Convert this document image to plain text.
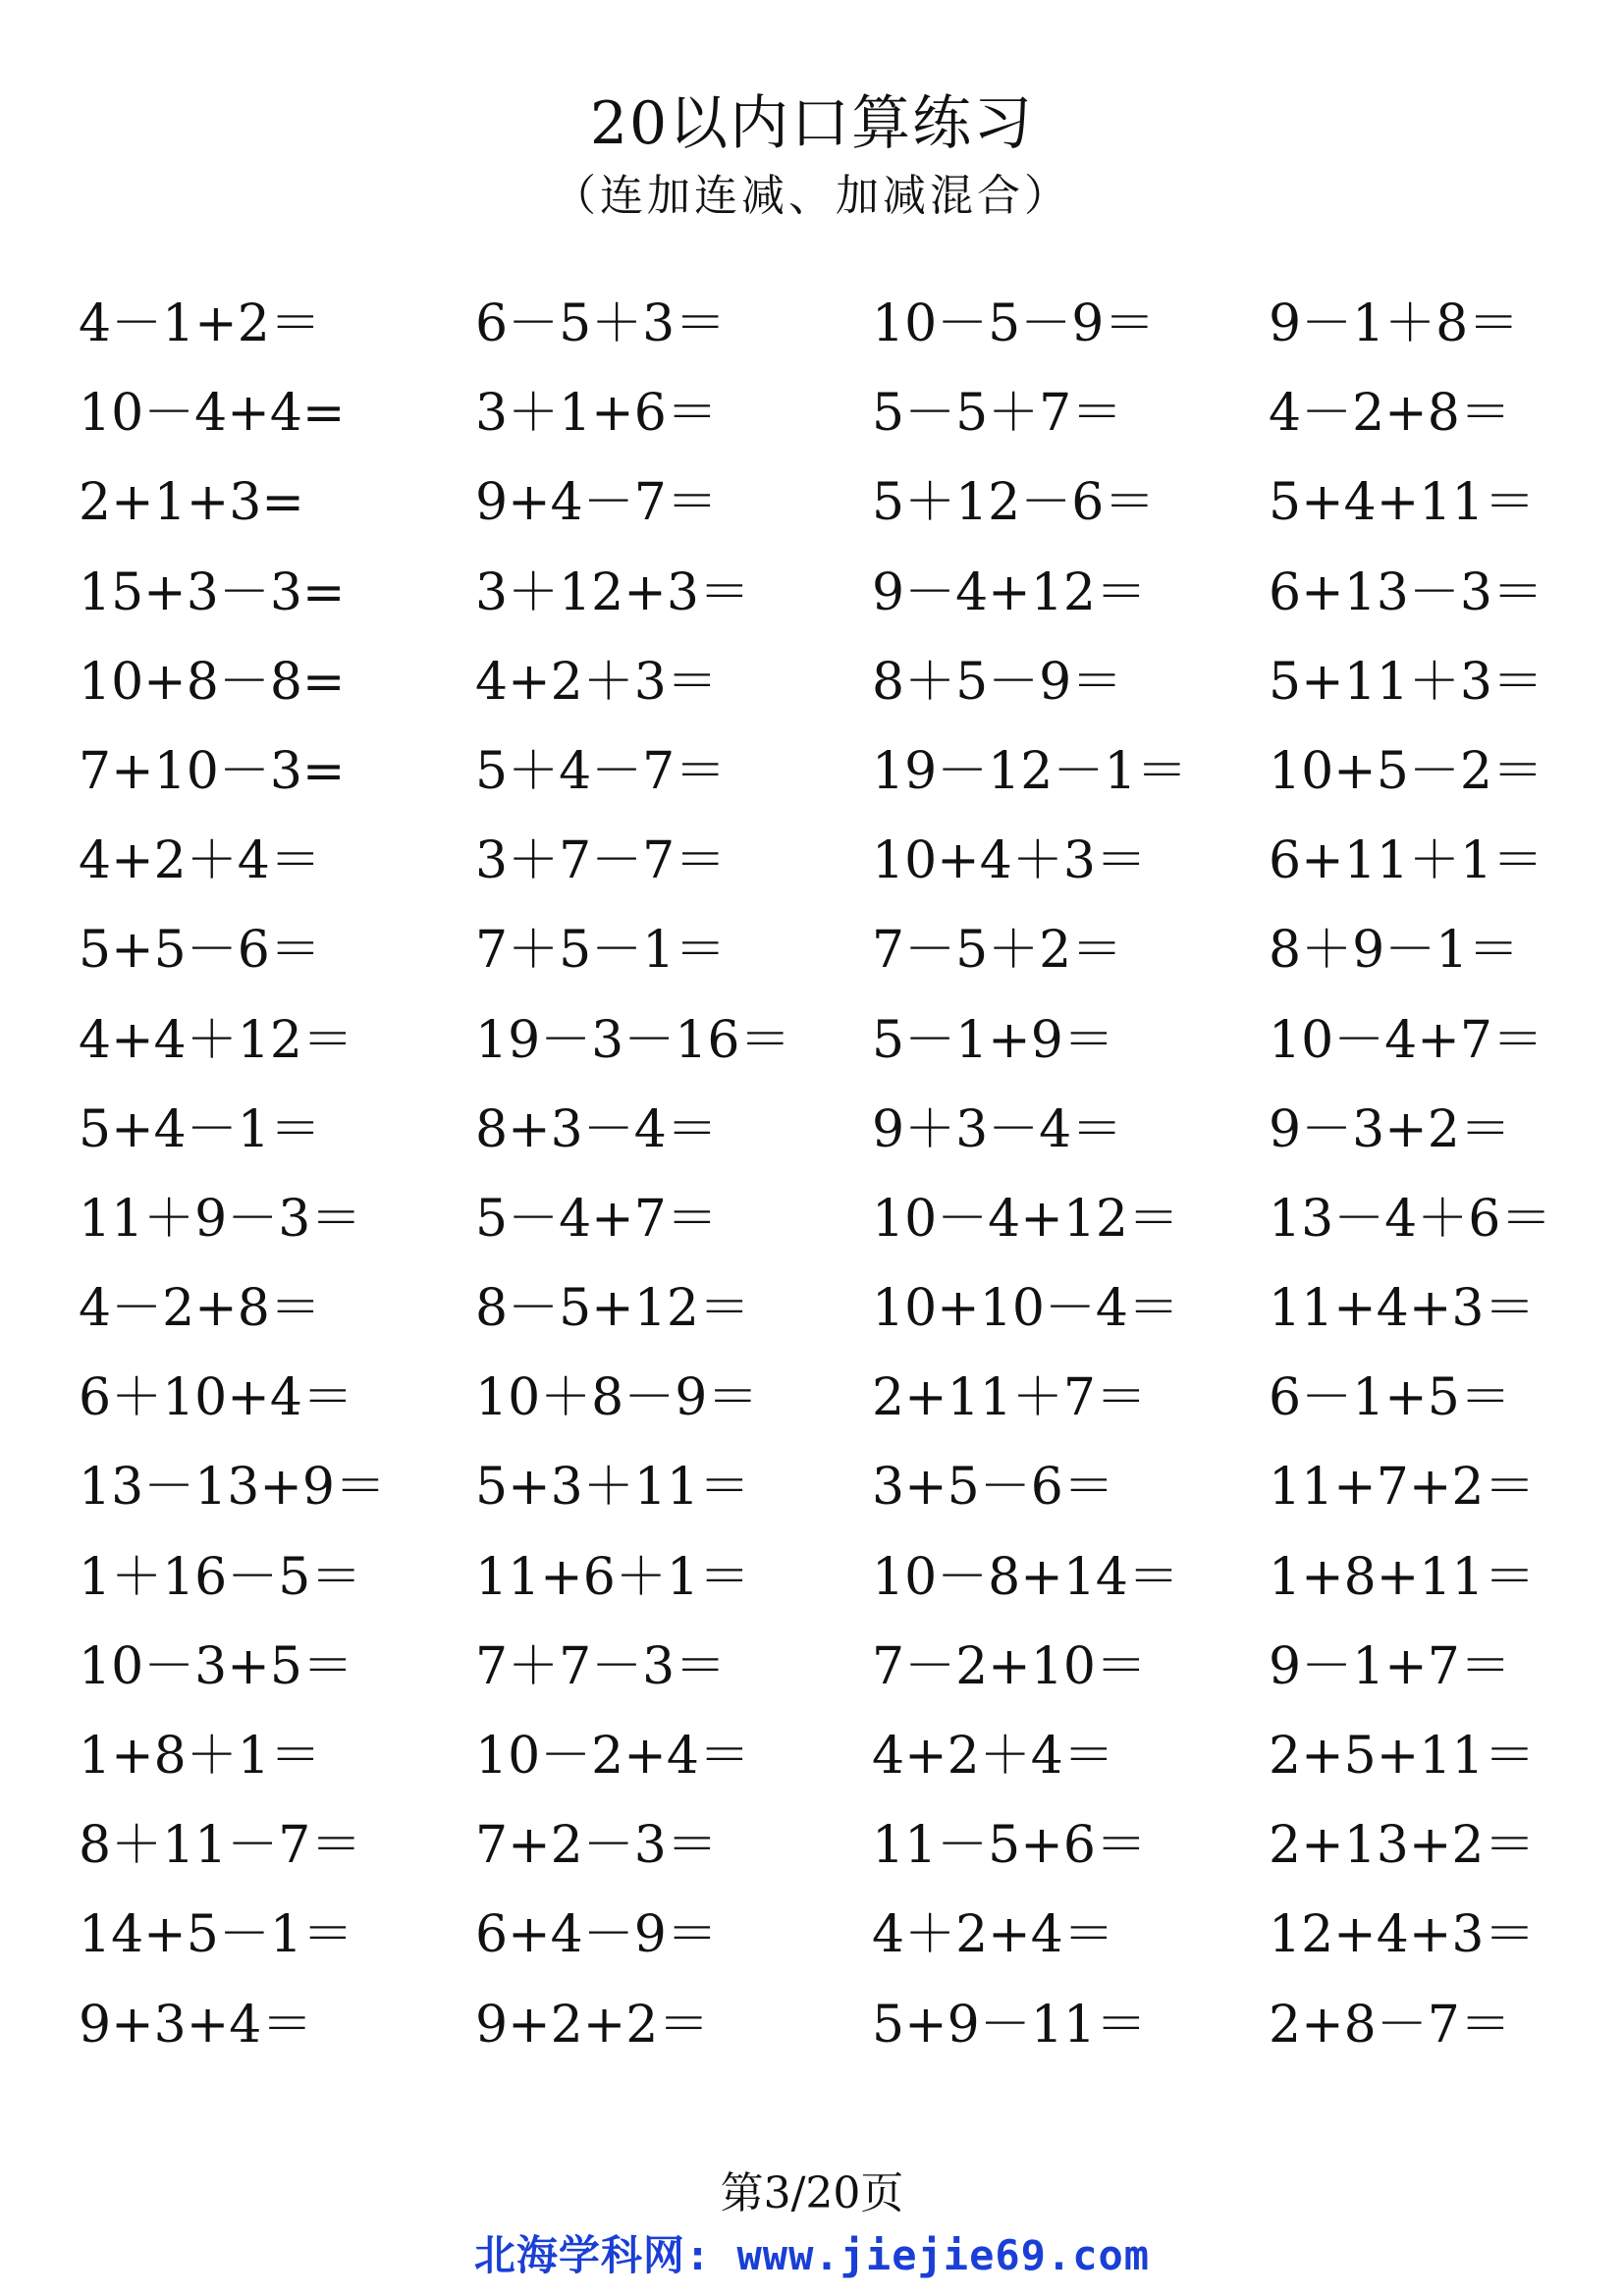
20以内口算练习
（连加连减、加减混合）
4－1+2＝	6－5＋3＝	10－5－9＝	9－1＋8＝
10－4+4=	3＋1+6＝	5－5＋7＝	4－2+8＝
2+1+3=	9+4－7＝	5＋12－6＝	5+4+11＝
15+3－3=	3＋12+3＝	9－4+12＝	6+13－3＝
10+8－8=	4+2＋3＝	8＋5－9＝	5+11＋3＝
7+10－3=	5＋4－7＝	19－12－1＝	10+5－2＝
4+2＋4＝	3＋7－7＝	10+4＋3＝	6+11＋1＝
5+5－6＝	7＋5－1＝	7－5＋2＝	8＋9－1＝
4+4＋12＝	19－3－16＝	5－1+9＝	10－4+7＝
5+4－1＝	8+3－4＝	9＋3－4＝	9－3+2＝
11＋9－3＝	5－4+7＝	10－4+12＝	13－4＋6＝
4－2+8＝	8－5+12＝	10+10－4＝	11+4+3＝
6＋10+4＝	10＋8－9＝	2+11＋7＝	6－1+5＝
13－13+9＝	5+3＋11＝	3+5－6＝	11+7+2＝
1＋16－5＝	11+6＋1＝	10－8+14＝	1+8+11＝
10－3+5＝	7＋7－3＝	7－2+10＝	9－1+7＝
1+8＋1＝	10－2+4＝	4+2＋4＝	2+5+11＝
8＋11－7＝	7+2－3＝	11－5+6＝	2+13+2＝
14+5－1＝	6+4－9＝	4＋2+4＝	12+4+3＝
9+3+4＝	9+2+2＝	5+9－11＝	2+8－7＝
第3/20页
北海学科网: www.jiejie69.com
